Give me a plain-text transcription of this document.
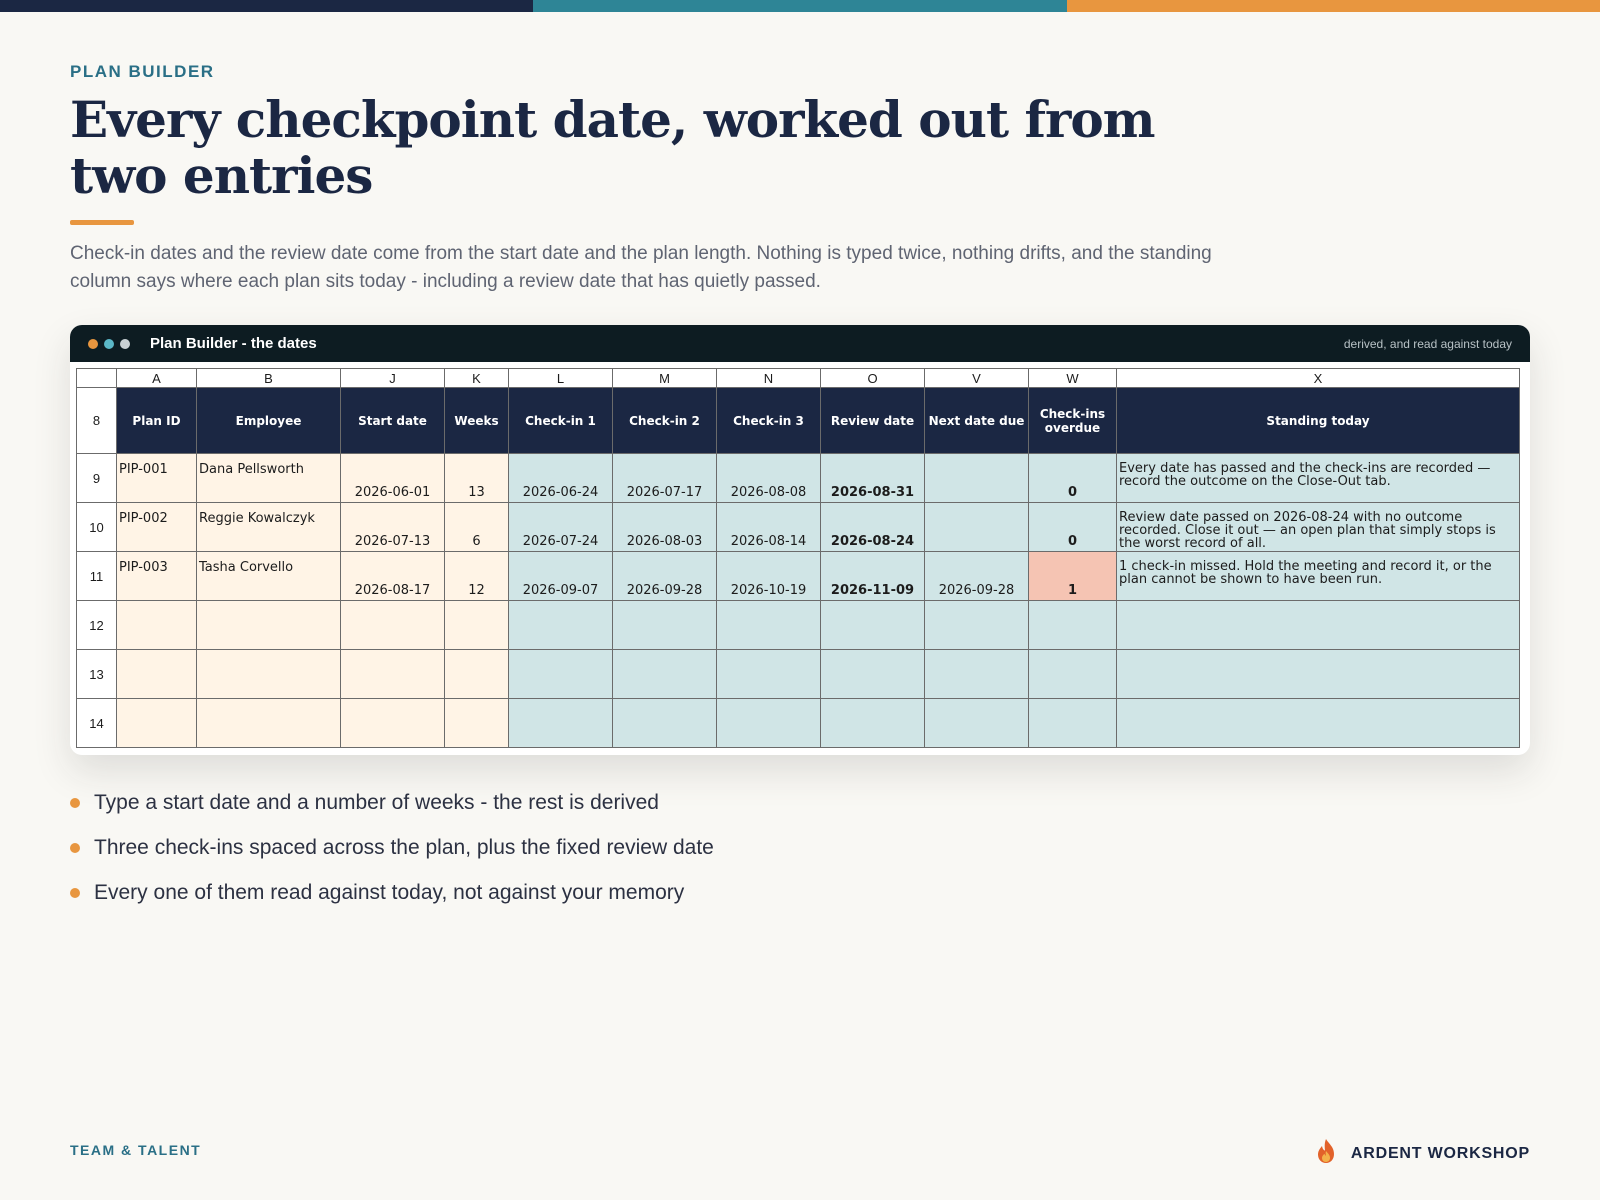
PLAN BUILDER
Every checkpoint date, worked out from two entries

Check-in dates and the review date come from the start date and the plan length. Nothing is typed twice, nothing drifts, and the standing column says where each plan sits today - including a review date that has quietly passed.

Plan Builder - the dates	derived, and read against today
	A	B	J	K	L	M	N	O	V	W	X
8	Plan ID	Employee	Start date	Weeks	Check-in 1	Check-in 2	Check-in 3	Review date	Next date due	Check-ins overdue	Standing today
9	PIP-001	Dana Pellsworth	2026-06-01	13	2026-06-24	2026-07-17	2026-08-08	2026-08-31		0	Every date has passed and the check-ins are recorded — record the outcome on the Close-Out tab.
10	PIP-002	Reggie Kowalczyk	2026-07-13	6	2026-07-24	2026-08-03	2026-08-14	2026-08-24		0	Review date passed on 2026-08-24 with no outcome recorded. Close it out — an open plan that simply stops is the worst record of all.
11	PIP-003	Tasha Corvello	2026-08-17	12	2026-09-07	2026-09-28	2026-10-19	2026-11-09	2026-09-28	1	1 check-in missed. Hold the meeting and record it, or the plan cannot be shown to have been run.
12											
13											
14											
Type a start date and a number of weeks - the rest is derived
Three check-ins spaced across the plan, plus the fixed review date
Every one of them read against today, not against your memory
TEAM & TALENT	ARDENT WORKSHOP
